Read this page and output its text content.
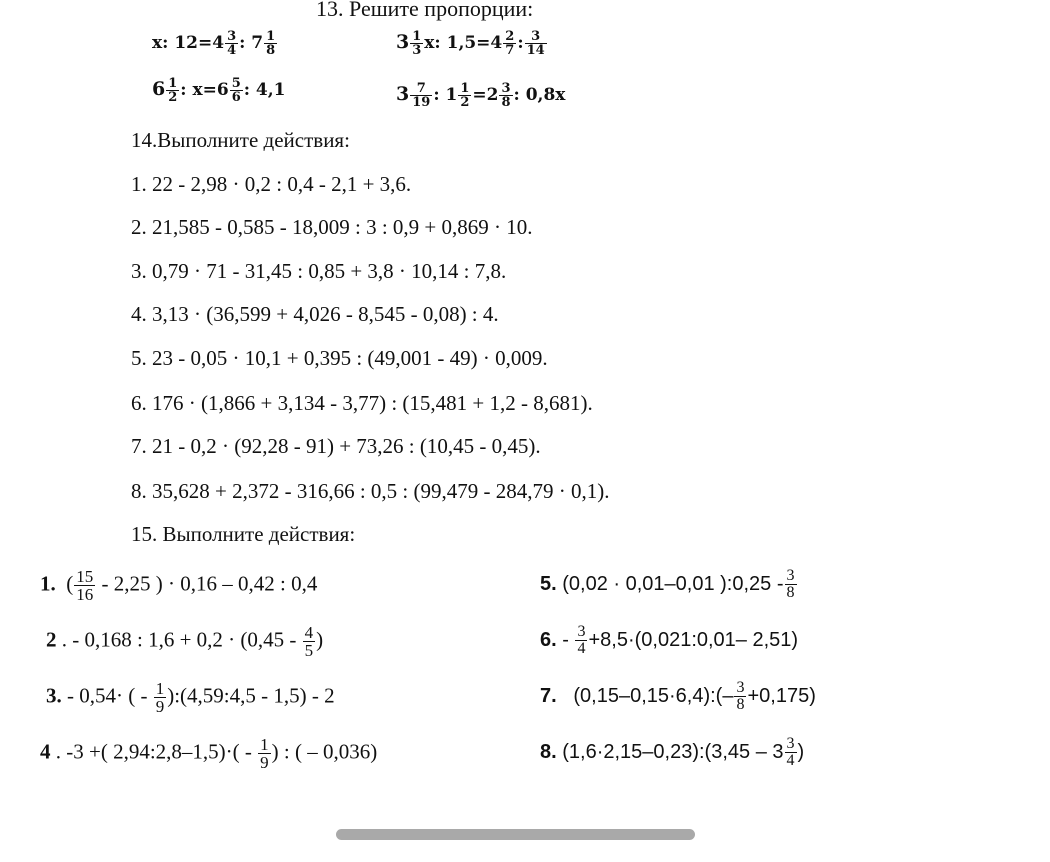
13. Решите пропорции:
x: $12=4 \frac{3}{4}$ : $7 \frac{1}{8}$	$3 \frac{1}{3} x$: $1,5=4 \frac{2}{7}$ : $\frac{3}{14}$
$6 \frac{1}{2}$ : $x=6 \frac{5}{6}$ : 4,1	$3 \frac{7}{19}$ : $1 \frac{1}{2} =2 \frac{3}{8}$ : 0,8x
14.Выполните действия:
1. 22 - 2,98 · 0,2 : 0,4 - 2,1 + 3,6.
2. 21,585 - 0,585 - 18,009 : 3 : 0,9 + 0,869 · 10.
3. 0,79 · 71 - 31,45 : 0,85 + 3,8 · 10,14 : 7,8.
4. 3,13 · (36,599 + 4,026 - 8,545 - 0,08) : 4.
5. 23 - 0,05 · 10,1 + 0,395 : (49,001 - 49) · 0,009.
6. 176 · (1,866 + 3,134 - 3,77) : (15,481 + 1,2 - 8,681).
7. 21 - 0,2 · (92,28 - 91) + 73,26 : (10,45 - 0,45).
8. 35,628 + 2,372 - 316,66 : 0,5 : (99,479 - 284,79 · 0,1).
15. Выполните действия:
1. ( $\frac{15}{16} - 2,25$ ) · 0,16 – 0,42 : 0,4
2 . - 0,168 : $1,6 + 0,2 \cdot (0,45 - \frac{4}{5}$ )
3. - 0,54· ( - $\frac{1}{9}$ ):(4,59:4,5 - 1,5) - 2
4 . -3 +( 2,94:2,8–1,5)·( - $\frac{1}{9}$ ) : ( – 0,036)
5. (0,02 · 0,01–0,01 ):0,25 - $\frac{3}{8}$
6. - $\frac{3}{4}$ +8,5·(0,021:0,01– 2,51)
7.   (0,15–0,15·6,4):(– $\frac{3}{8} +0,175$)
8. (1,6·2,15–0,23):(3,45 – $3 \frac{3}{4}$ )
